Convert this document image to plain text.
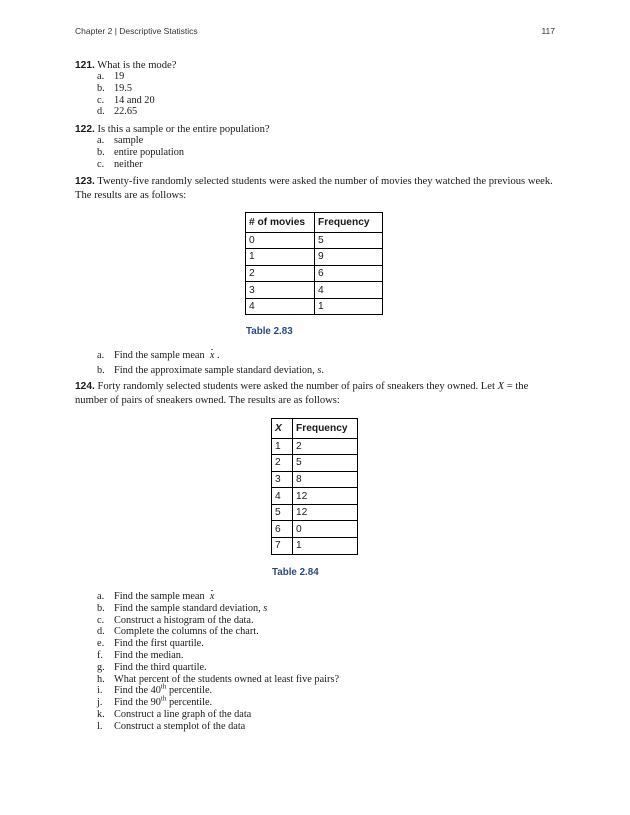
Chapter 2 | Descriptive Statistics	117
121. What is the mode?
a. 19
b. 19.5
c. 14 and 20
d. 22.65
122. Is this a sample or the entire population?
a. sample
b. entire population
c. neither
123. Twenty-five randomly selected students were asked the number of movies they watched the previous week. The results are as follows:
# of movies	Frequency
0	5
1	9
2	6
3	4
4	1
Table 2.83
a. Find the sample mean x .
b. Find the approximate sample standard deviation, s.
124. Forty randomly selected students were asked the number of pairs of sneakers they owned. Let X = the number of pairs of sneakers owned. The results are as follows:
X	Frequency
1	2
2	5
3	8
4	12
5	12
6	0
7	1
Table 2.84
a. Find the sample mean x
b. Find the sample standard deviation, s
c. Construct a histogram of the data.
d. Complete the columns of the chart.
e. Find the first quartile.
f.	Find the median.
g. Find the third quartile.
h. What percent of the students owned at least five pairs?
i.	Find the 40th percentile.
j.	Find the 90th percentile.
k. Construct a line graph of the data
l.	Construct a stemplot of the data
